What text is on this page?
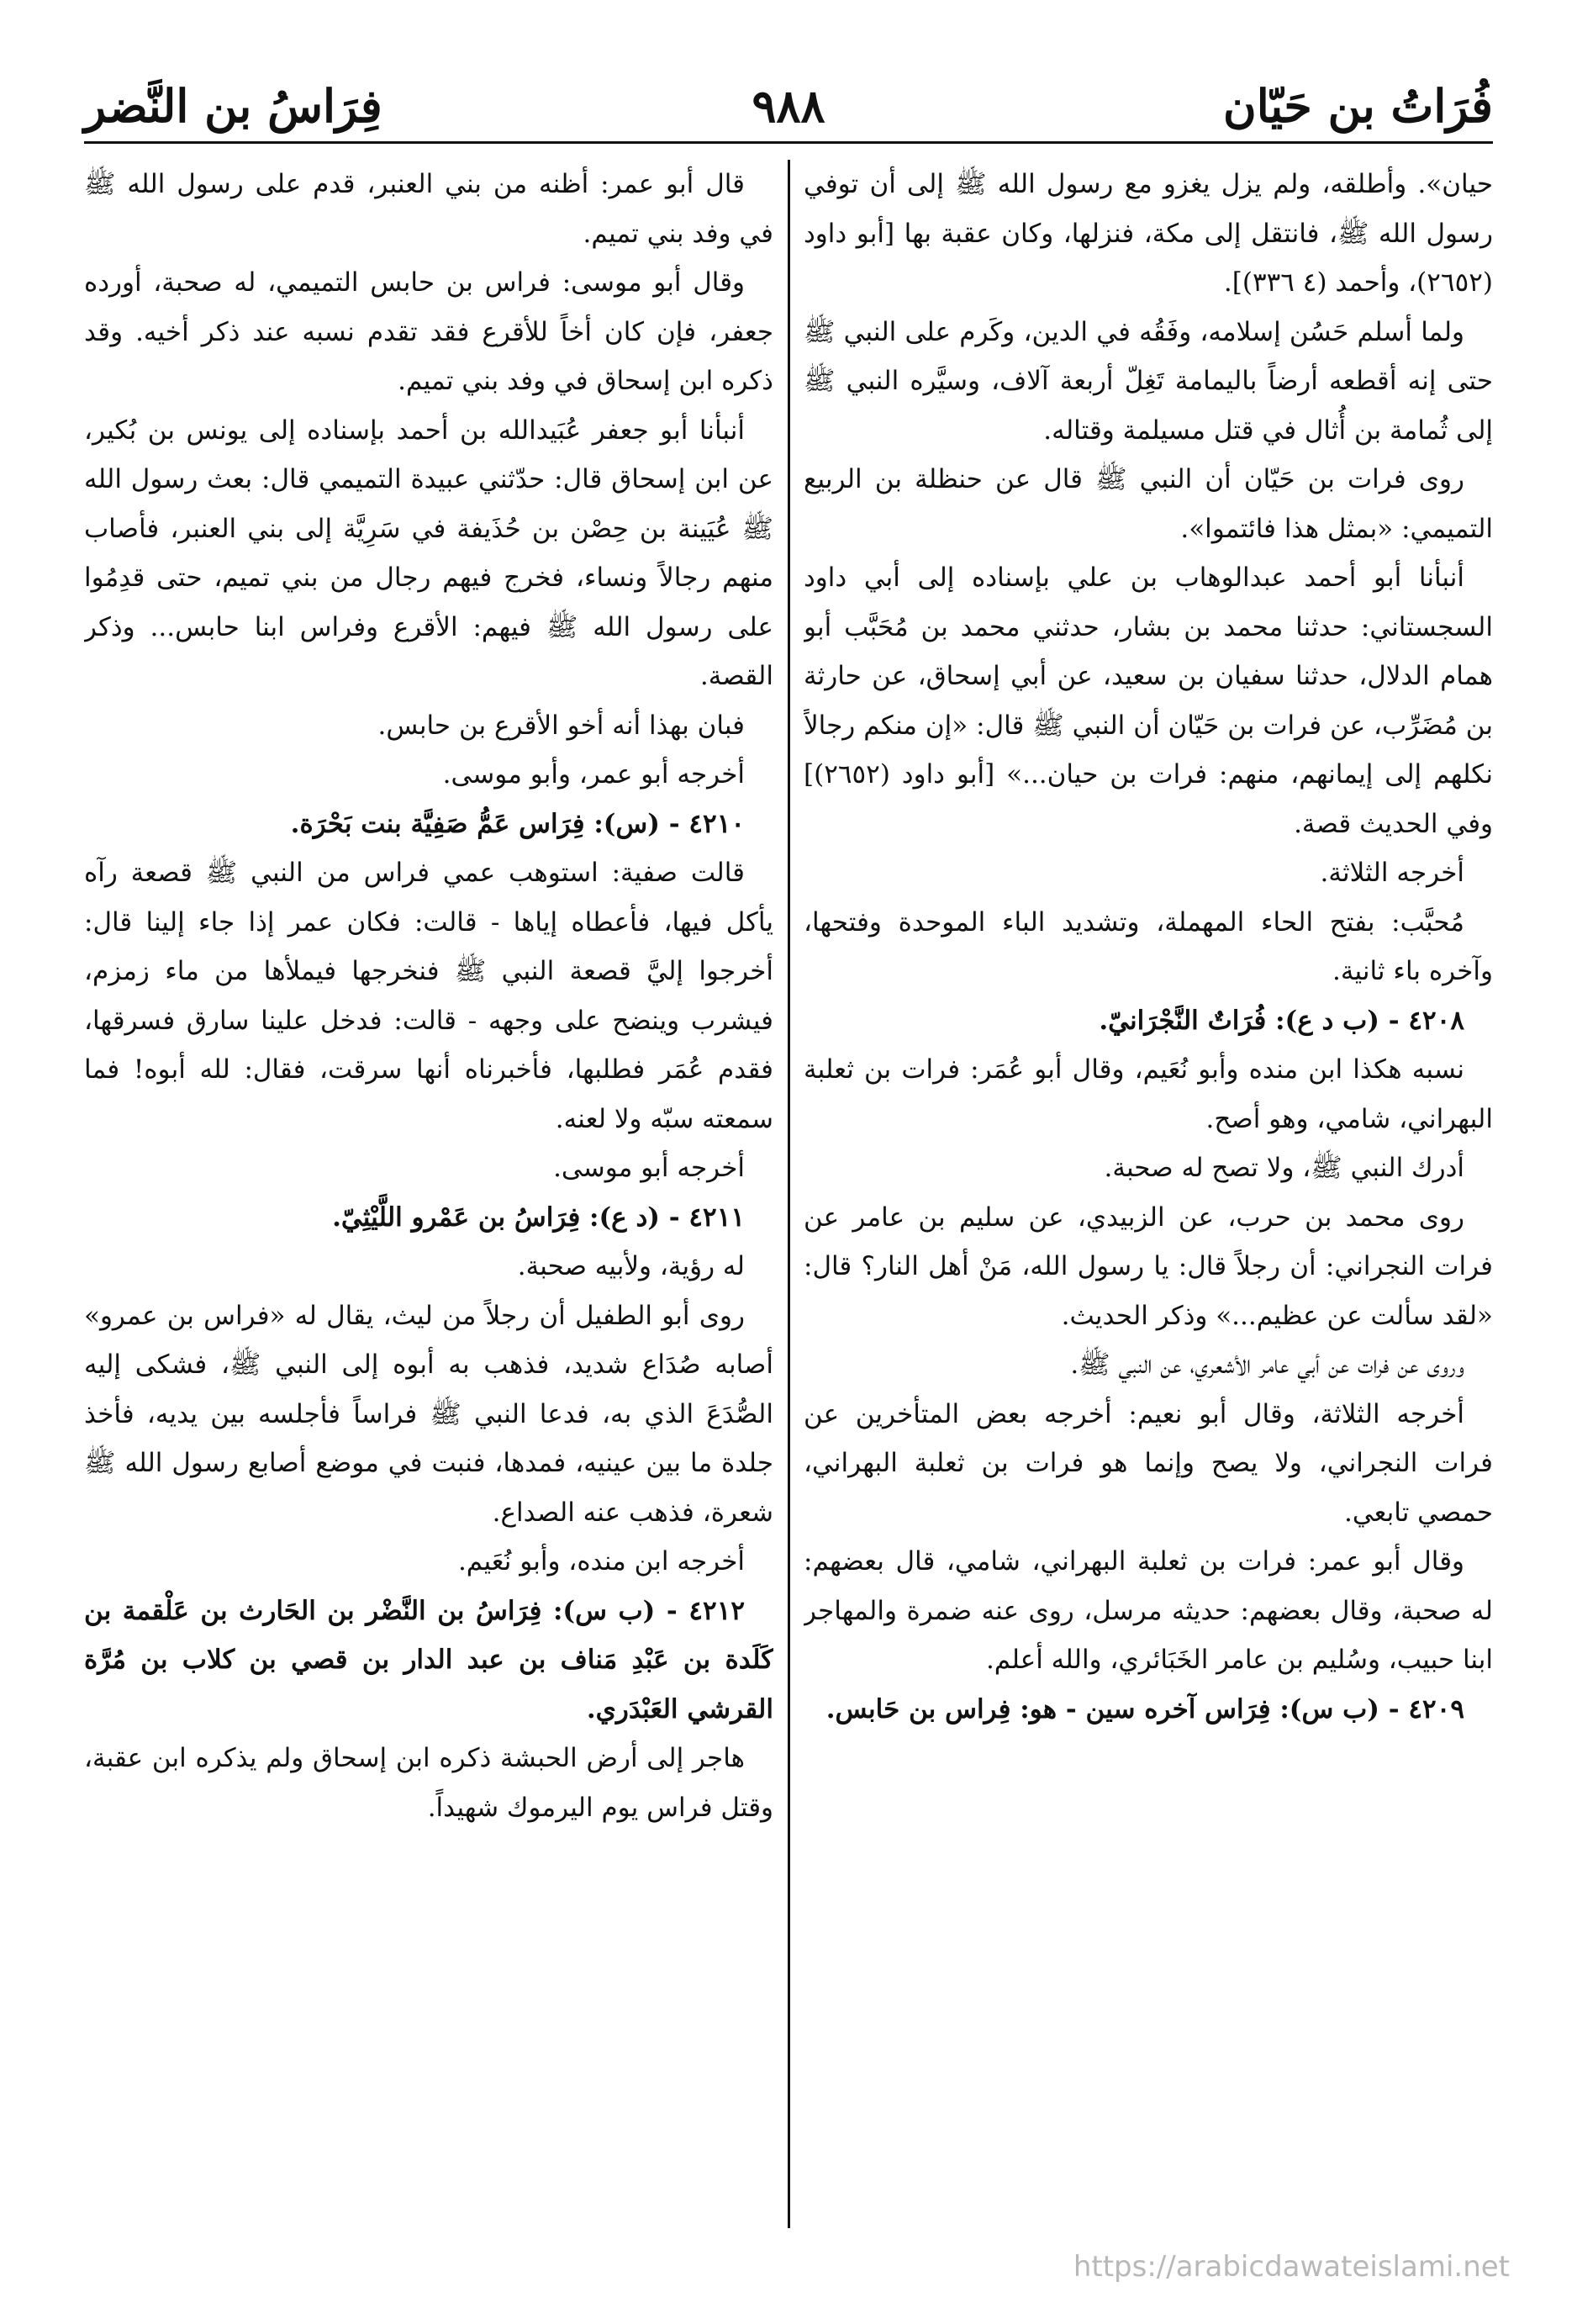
فُرَاتُ بن حَيّان
٩٨٨
فِرَاسُ بن النَّضر

حيان». وأطلقه، ولم يزل يغزو مع رسول الله ﷺ إلى أن توفي رسول الله ﷺ، فانتقل إلى مكة، فنزلها، وكان عقبة بها [أبو داود (٢٦٥٢)، وأحمد (٤ ٣٣٦)].

ولما أسلم حَسُن إسلامه، وفَقُه في الدين، وكَرم على النبي ﷺ حتى إنه أقطعه أرضاً باليمامة تَغِلّ أربعة آلاف، وسيَّره النبي ﷺ إلى ثُمامة بن أُثال في قتل مسيلمة وقتاله.

روى فرات بن حَيّان أن النبي ﷺ قال عن حنظلة بن الربيع التميمي: «بمثل هذا فائتموا».

أنبأنا أبو أحمد عبدالوهاب بن علي بإسناده إلى أبي داود السجستاني: حدثنا محمد بن بشار، حدثني محمد بن مُحَبَّب أبو همام الدلال، حدثنا سفيان بن سعيد، عن أبي إسحاق، عن حارثة بن مُضَرِّب، عن فرات بن حَيّان أن النبي ﷺ قال: «إن منكم رجالاً نكلهم إلى إيمانهم، منهم: فرات بن حيان...» [أبو داود (٢٦٥٢)] وفي الحديث قصة.

أخرجه الثلاثة.

مُحبَّب: بفتح الحاء المهملة، وتشديد الباء الموحدة وفتحها، وآخره باء ثانية.

٤٢٠٨ - (ب د ع): فُرَاتٌ النَّجْرَانيّ.

نسبه هكذا ابن منده وأبو نُعَيم، وقال أبو عُمَر: فرات بن ثعلبة البهراني، شامي، وهو أصح.

أدرك النبي ﷺ، ولا تصح له صحبة.

روى محمد بن حرب، عن الزبيدي، عن سليم بن عامر عن فرات النجراني: أن رجلاً قال: يا رسول الله، مَنْ أهل النار؟ قال: «لقد سألت عن عظيم...» وذكر الحديث.

وروى عن فرات عن أبي عامر الأشعري، عن النبي ﷺ.

أخرجه الثلاثة، وقال أبو نعيم: أخرجه بعض المتأخرين عن فرات النجراني، ولا يصح وإنما هو فرات بن ثعلبة البهراني، حمصي تابعي.

وقال أبو عمر: فرات بن ثعلبة البهراني، شامي، قال بعضهم: له صحبة، وقال بعضهم: حديثه مرسل، روى عنه ضمرة والمهاجر ابنا حبيب، وسُليم بن عامر الخَبَائري، والله أعلم.

٤٢٠٩ - (ب س): فِرَاس آخره سين - هو: فِراس بن حَابس.

قال أبو عمر: أظنه من بني العنبر، قدم على رسول الله ﷺ في وفد بني تميم.

وقال أبو موسى: فراس بن حابس التميمي، له صحبة، أورده جعفر، فإن كان أخاً للأقرع فقد تقدم نسبه عند ذكر أخيه. وقد ذكره ابن إسحاق في وفد بني تميم.

أنبأنا أبو جعفر عُبَيدالله بن أحمد بإسناده إلى يونس بن بُكير، عن ابن إسحاق قال: حدّثني عبيدة التميمي قال: بعث رسول الله ﷺ عُيَينة بن حِصْن بن حُذَيفة في سَرِيَّة إلى بني العنبر، فأصاب منهم رجالاً ونساء، فخرج فيهم رجال من بني تميم، حتى قدِمُوا على رسول الله ﷺ فيهم: الأقرع وفراس ابنا حابس... وذكر القصة.

فبان بهذا أنه أخو الأقرع بن حابس.

أخرجه أبو عمر، وأبو موسى.

٤٢١٠ - (س): فِرَاس عَمُّ صَفِيَّة بنت بَحْرَة.

قالت صفية: استوهب عمي فراس من النبي ﷺ قصعة رآه يأكل فيها، فأعطاه إياها - قالت: فكان عمر إذا جاء إلينا قال: أخرجوا إليَّ قصعة النبي ﷺ فنخرجها فيملأها من ماء زمزم، فيشرب وينضح على وجهه - قالت: فدخل علينا سارق فسرقها، فقدم عُمَر فطلبها، فأخبرناه أنها سرقت، فقال: لله أبوه! فما سمعته سبّه ولا لعنه.

أخرجه أبو موسى.

٤٢١١ - (د ع): فِرَاسُ بن عَمْرو اللَّيْثِيّ.

له رؤية، ولأبيه صحبة.

روى أبو الطفيل أن رجلاً من ليث، يقال له «فراس بن عمرو» أصابه صُدَاع شديد، فذهب به أبوه إلى النبي ﷺ، فشكى إليه الصُّدَعَ الذي به، فدعا النبي ﷺ فراساً فأجلسه بين يديه، فأخذ جلدة ما بين عينيه، فمدها، فنبت في موضع أصابع رسول الله ﷺ شعرة، فذهب عنه الصداع.

أخرجه ابن منده، وأبو نُعَيم.

٤٢١٢ - (ب س): فِرَاسُ بن النَّضْر بن الحَارث بن عَلْقمة بن كَلَدة بن عَبْدِ مَناف بن عبد الدار بن قصي بن كلاب بن مُرَّة القرشي العَبْدَري.

هاجر إلى أرض الحبشة ذكره ابن إسحاق ولم يذكره ابن عقبة، وقتل فراس يوم اليرموك شهيداً.

https://arabicdawateislami.net
